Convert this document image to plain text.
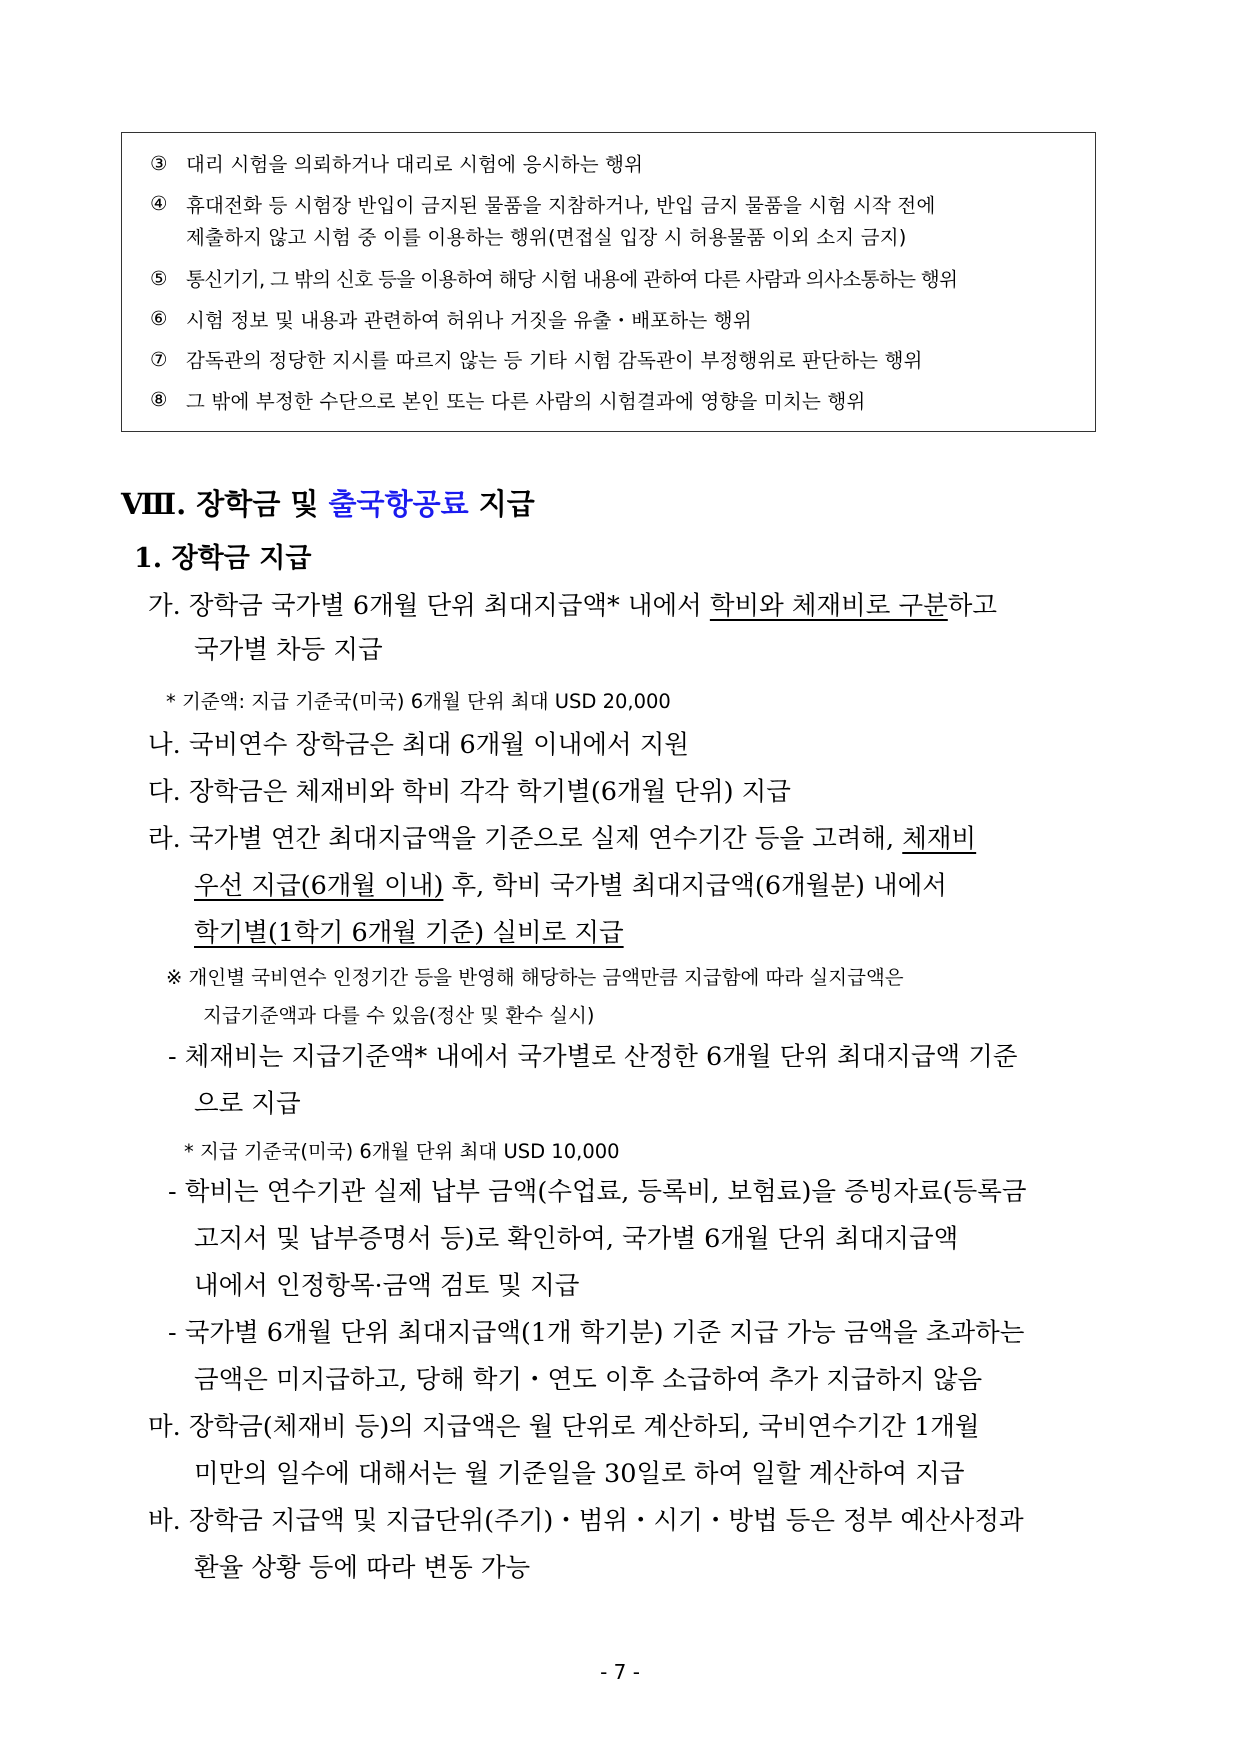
③ 대리 시험을 의뢰하거나 대리로 시험에 응시하는 행위
④ 휴대전화 등 시험장 반입이 금지된 물품을 지참하거나, 반입 금지 물품을 시험 시작 전에
제출하지 않고 시험 중 이를 이용하는 행위(면접실 입장 시 허용물품 이외 소지 금지)
⑤ 통신기기, 그 밖의 신호 등을 이용하여 해당 시험 내용에 관하여 다른 사람과 의사소통하는 행위
⑥ 시험 정보 및 내용과 관련하여 허위나 거짓을 유출・배포하는 행위
⑦ 감독관의 정당한 지시를 따르지 않는 등 기타 시험 감독관이 부정행위로 판단하는 행위
⑧ 그 밖에 부정한 수단으로 본인 또는 다른 사람의 시험결과에 영향을 미치는 행위
Ⅷ. 장학금 및 출국항공료 지급
1. 장학금 지급
가. 장학금 국가별 6개월 단위 최대지급액* 내에서 학비와 체재비로 구분하고
국가별 차등 지급
* 기준액: 지급 기준국(미국) 6개월 단위 최대 USD 20,000
나. 국비연수 장학금은 최대 6개월 이내에서 지원
다. 장학금은 체재비와 학비 각각 학기별(6개월 단위) 지급
라. 국가별 연간 최대지급액을 기준으로 실제 연수기간 등을 고려해, 체재비
우선 지급(6개월 이내) 후, 학비 국가별 최대지급액(6개월분) 내에서
학기별(1학기 6개월 기준) 실비로 지급
※ 개인별 국비연수 인정기간 등을 반영해 해당하는 금액만큼 지급함에 따라 실지급액은
지급기준액과 다를 수 있음(정산 및 환수 실시)
- 체재비는 지급기준액* 내에서 국가별로 산정한 6개월 단위 최대지급액 기준
으로 지급
* 지급 기준국(미국) 6개월 단위 최대 USD 10,000
- 학비는 연수기관 실제 납부 금액(수업료, 등록비, 보험료)을 증빙자료(등록금
고지서 및 납부증명서 등)로 확인하여, 국가별 6개월 단위 최대지급액
내에서 인정항목·금액 검토 및 지급
- 국가별 6개월 단위 최대지급액(1개 학기분) 기준 지급 가능 금액을 초과하는
금액은 미지급하고, 당해 학기・연도 이후 소급하여 추가 지급하지 않음
마. 장학금(체재비 등)의 지급액은 월 단위로 계산하되, 국비연수기간 1개월
미만의 일수에 대해서는 월 기준일을 30일로 하여 일할 계산하여 지급
바. 장학금 지급액 및 지급단위(주기)・범위・시기・방법 등은 정부 예산사정과
환율 상황 등에 따라 변동 가능
- 7 -
